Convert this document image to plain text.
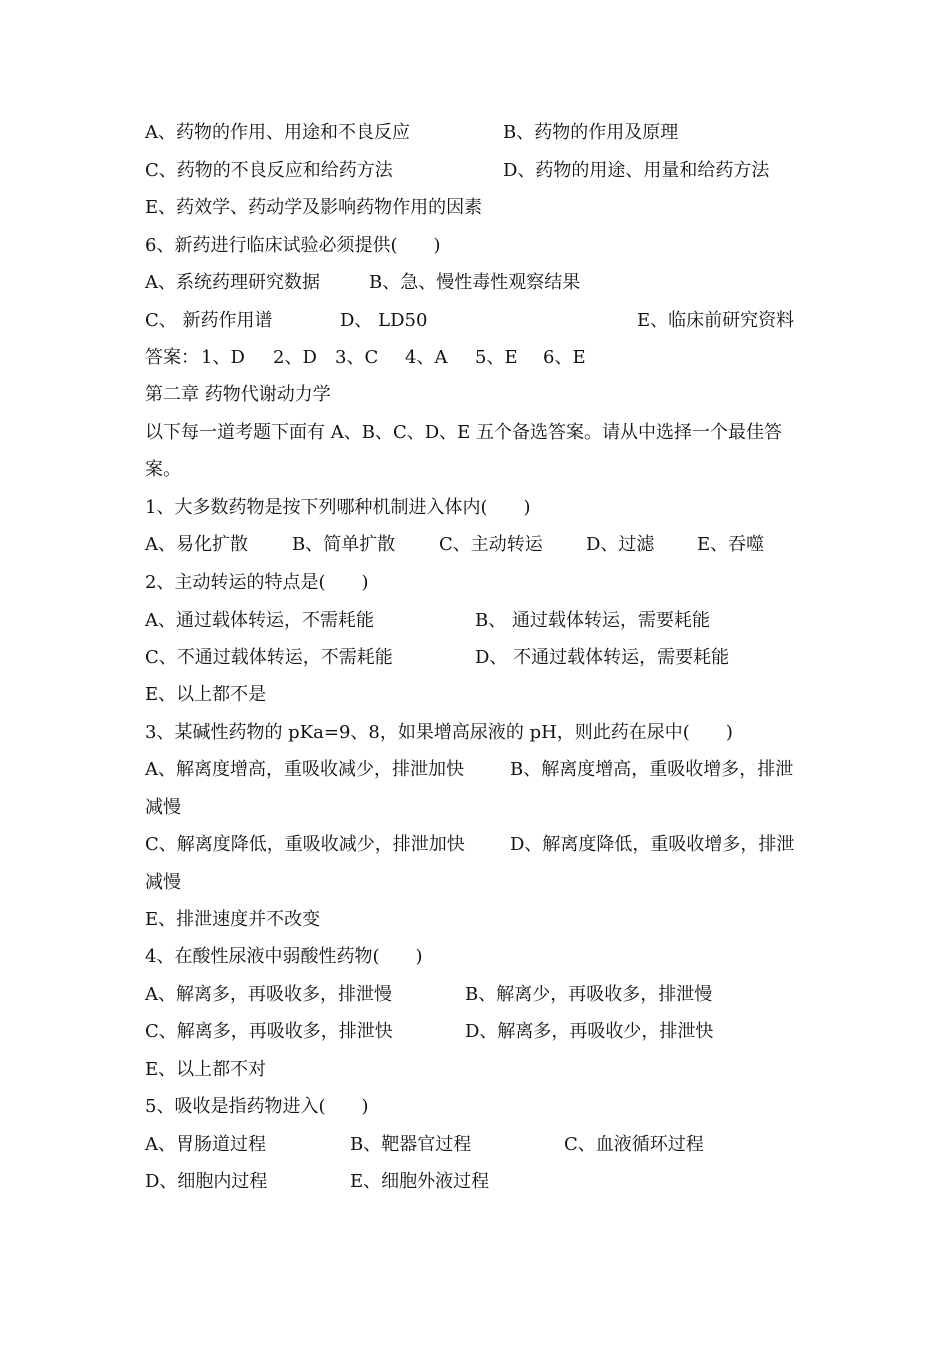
A、药物的作用、用途和不良反应	B、药物的作用及原理
C、药物的不良反应和给药方法	D、药物的用途、用量和给药方法
E、药效学、药动学及影响药物作用的因素
6、新药进行临床试验必须提供(　　)
A、系统药理研究数据	B、急、慢性毒性观察结果
C、 新药作用谱	D、 LD50	E、临床前研究资料
答案： 1、D 2、D 3、C 4、A 5、E 6、E
第二章 药物代谢动力学
以下每一道考题下面有 A、B、C、D、E 五个备选答案。请从中选择一个最佳答
案。
1、大多数药物是按下列哪种机制进入体内(　　)
A、易化扩散 B、简单扩散 C、主动转运 D、过滤 E、吞噬
2、主动转运的特点是(　　)
A、通过载体转运，不需耗能	B、 通过载体转运，需要耗能
C、不通过载体转运，不需耗能	D、 不通过载体转运，需要耗能
E、以上都不是
3、某碱性药物的 pKa=9、8，如果增高尿液的 pH，则此药在尿中(　　)
A、解离度增高，重吸收减少，排泄加快	B、解离度增高，重吸收增多，排泄
减慢
C、解离度降低，重吸收减少，排泄加快	D、解离度降低，重吸收增多，排泄
减慢
E、排泄速度并不改变
4、在酸性尿液中弱酸性药物(　　)
A、解离多，再吸收多，排泄慢	B、解离少，再吸收多，排泄慢
C、解离多，再吸收多，排泄快	D、解离多，再吸收少，排泄快
E、以上都不对
5、吸收是指药物进入(　　)
A、胃肠道过程	B、靶器官过程	C、血液循环过程
D、细胞内过程	E、细胞外液过程
